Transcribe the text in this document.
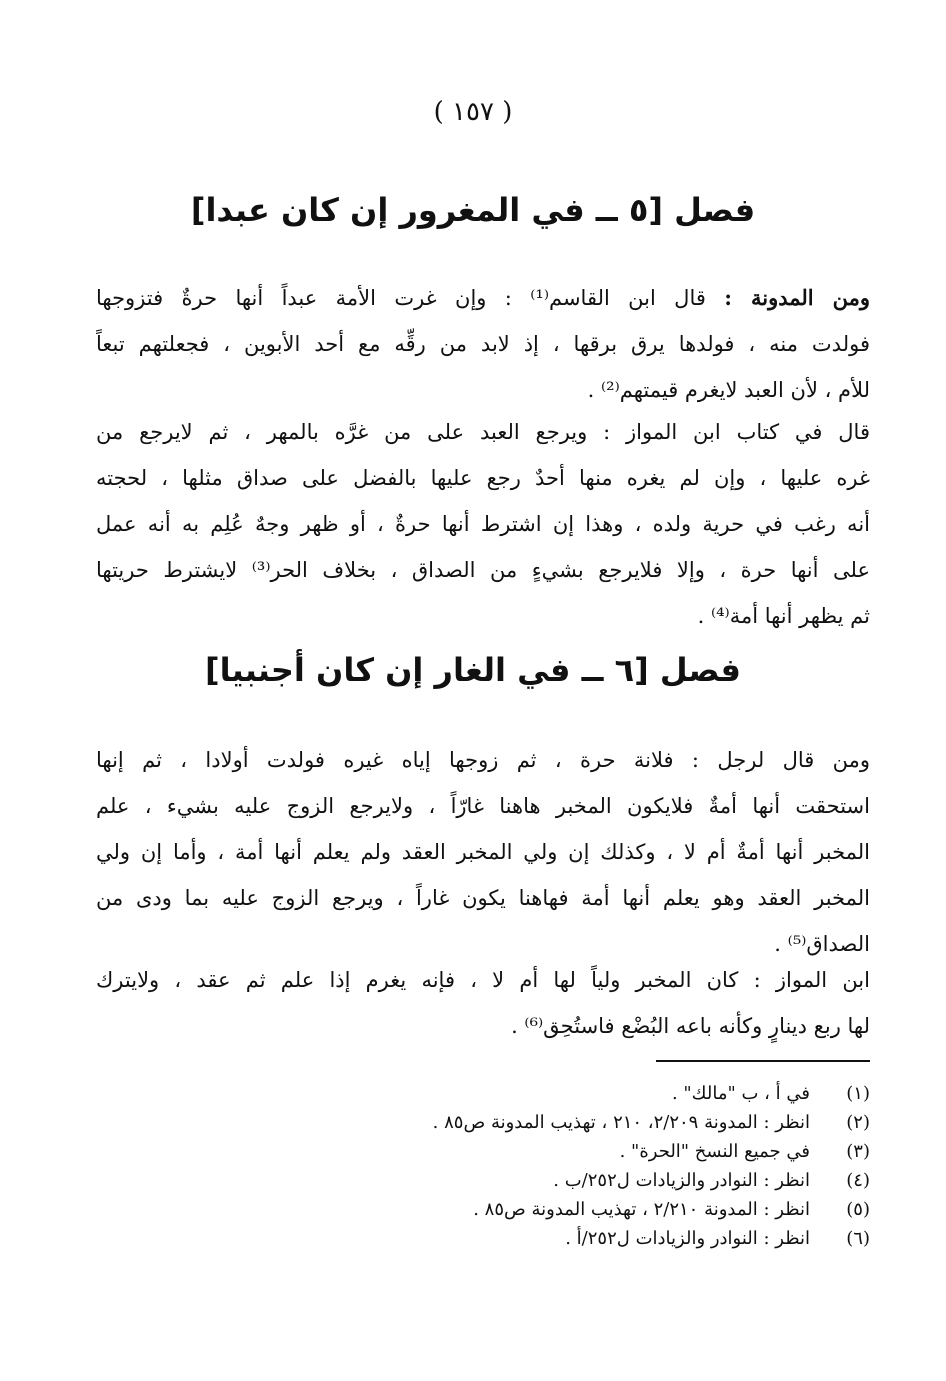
( ١٥٧ )
فصل [٥ ــ في المغرور إن كان عبدا]
ومن المدونة : قال ابن القاسم⁽¹⁾ : وإن غرت الأمة عبداً أنها حرةٌ فتزوجها
فولدت منه ، فولدها يرق برقها ، إذ لابد من رقِّه مع أحد الأبوين ، فجعلتهم تبعاً
للأم ، لأن العبد لايغرم قيمتهم⁽²⁾ .
قال في كتاب ابن المواز : ويرجع العبد على من غرَّه بالمهر ، ثم لايرجع من
غره عليها ، وإن لم يغره منها أحدٌ رجع عليها بالفضل على صداق مثلها ، لحجته
أنه رغب في حرية ولده ، وهذا إن اشترط أنها حرةٌ ، أو ظهر وجهٌ عُلِم به أنه عمل
على أنها حرة ، وإلا فلايرجع بشيءٍ من الصداق ، بخلاف الحر⁽³⁾ لايشترط حريتها
ثم يظهر أنها أمة⁽⁴⁾ .
فصل [٦ ــ في الغار إن كان أجنبيا]
ومن قال لرجل : فلانة حرة ، ثم زوجها إياه غيره فولدت أولادا ، ثم إنها
استحقت أنها أمةٌ فلايكون المخبر هاهنا غارّاً ، ولايرجع الزوج عليه بشيء ، علم
المخبر أنها أمةٌ أم لا ، وكذلك إن ولي المخبر العقد ولم يعلم أنها أمة ، وأما إن ولي
المخبر العقد وهو يعلم أنها أمة فهاهنا يكون غاراً ، ويرجع الزوج عليه بما ودى من
الصداق⁽⁵⁾ .
ابن المواز : كان المخبر ولياً لها أم لا ، فإنه يغرم إذا علم ثم عقد ، ولايترك
لها ربع دينارٍ وكأنه باعه البُضْع فاستُحِق⁽⁶⁾ .
(١)
في أ ، ب "مالك" .
(٢)
انظر : المدونة ٢/٢٠٩، ٢١٠ ، تهذيب المدونة ص٨٥ .
(٣)
في جميع النسخ "الحرة" .
(٤)
انظر : النوادر والزيادات ل٢٥٢/ب .
(٥)
انظر : المدونة ٢/٢١٠ ، تهذيب المدونة ص٨٥ .
(٦)
انظر : النوادر والزيادات ل٢٥٢/أ .
